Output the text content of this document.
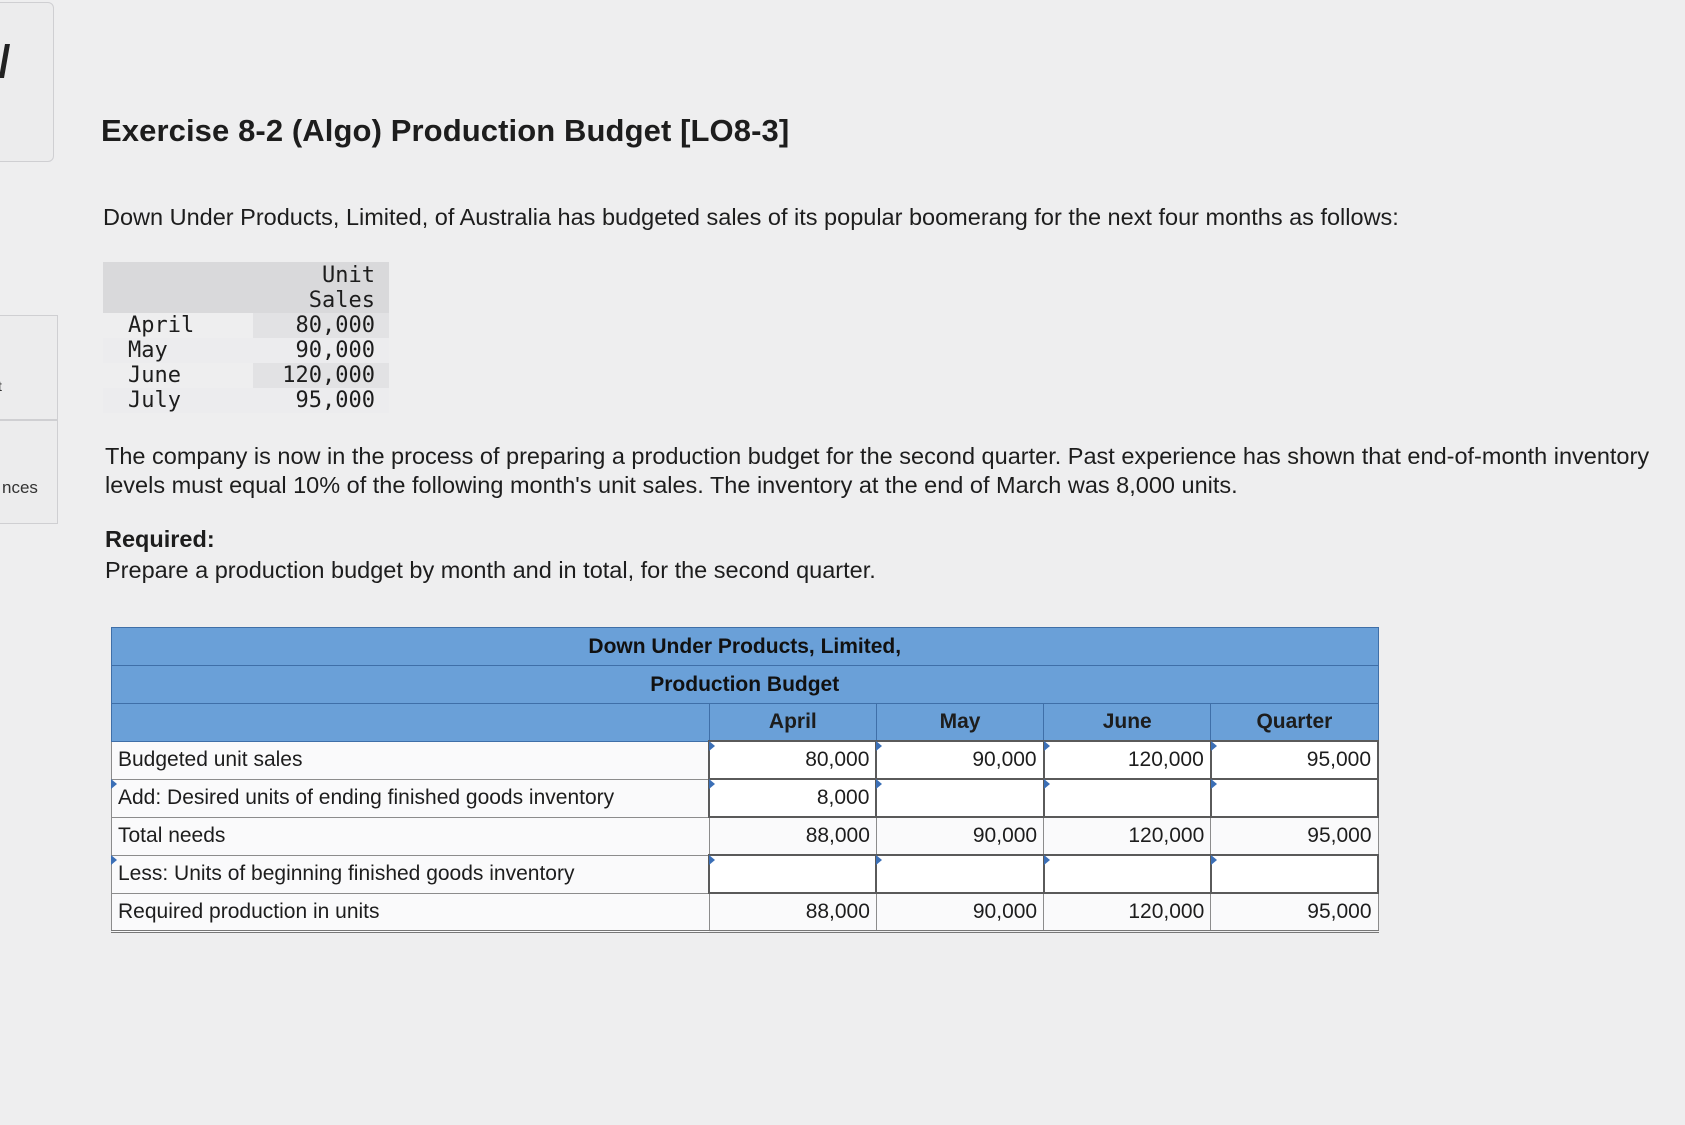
nces
Exercise 8-2 (Algo) Production Budget [LO8-3]

Down Under Products, Limited, of Australia has budgeted sales of its popular boomerang for the next four months as follows:

	Unit
Sales

April	80,000
May	90,000
June	120,000
July	95,000

The company is now in the process of preparing a production budget for the second quarter. Past experience has shown that end-of-month inventory levels must equal 10% of the following month's unit sales. The inventory at the end of March was 8,000 units.

Required:
Prepare a production budget by month and in total, for the second quarter.
Down Under Products, Limited,				
Production Budget				
	April	May	June	Quarter
Budgeted unit sales	80,000	90,000	120,000	95,000
Add: Desired units of ending finished goods inventory	8,000			
Total needs	88,000	90,000	120,000	95,000
Less: Units of beginning finished goods inventory				
Required production in units	88,000	90,000	120,000	95,000
